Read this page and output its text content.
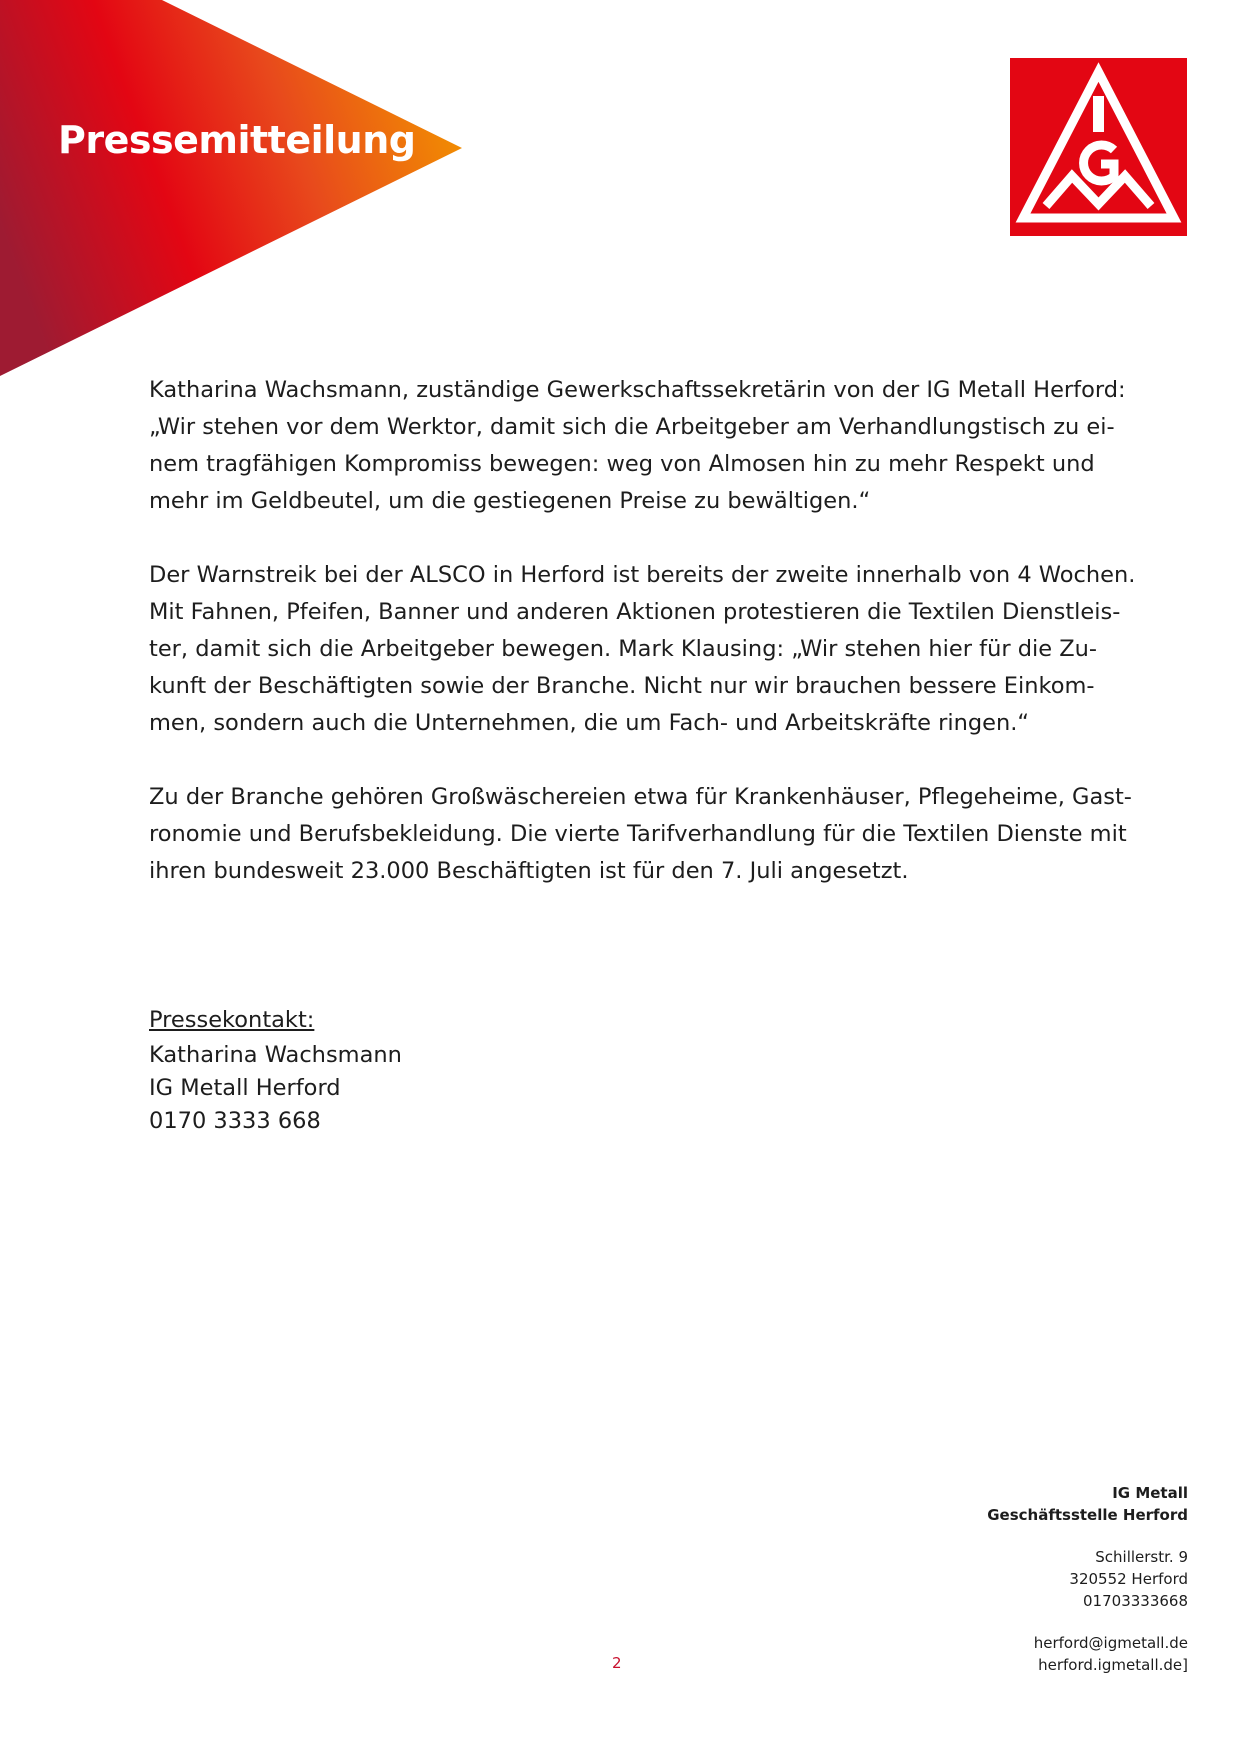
Pressemitteilung

Katharina Wachsmann, zuständige Gewerkschaftssekretärin von der IG Metall Herford:
„Wir stehen vor dem Werktor, damit sich die Arbeitgeber am Verhandlungstisch zu ei-
nem tragfähigen Kompromiss bewegen: weg von Almosen hin zu mehr Respekt und
mehr im Geldbeutel, um die gestiegenen Preise zu bewältigen.“

Der Warnstreik bei der ALSCO in Herford ist bereits der zweite innerhalb von 4 Wochen.
Mit Fahnen, Pfeifen, Banner und anderen Aktionen protestieren die Textilen Dienstleis-
ter, damit sich die Arbeitgeber bewegen. Mark Klausing: „Wir stehen hier für die Zu-
kunft der Beschäftigten sowie der Branche. Nicht nur wir brauchen bessere Einkom-
men, sondern auch die Unternehmen, die um Fach- und Arbeitskräfte ringen.“

Zu der Branche gehören Großwäschereien etwa für Krankenhäuser, Pflegeheime, Gast-
ronomie und Berufsbekleidung. Die vierte Tarifverhandlung für die Textilen Dienste mit
ihren bundesweit 23.000 Beschäftigten ist für den 7. Juli angesetzt.

Pressekontakt:
Katharina Wachsmann
IG Metall Herford
0170 3333 668
IG Metall
Geschäftsstelle Herford
Schillerstr. 9
320552 Herford
01703333668
herford@igmetall.de
herford.igmetall.de]
2
